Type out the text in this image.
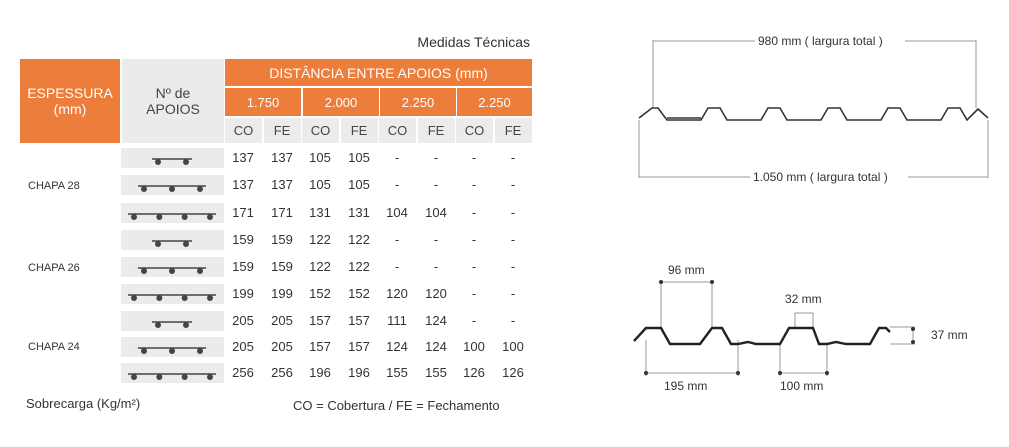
Medidas Técnicas
ESPESSURA
(mm)
Nº de
APOIOS
DISTÂNCIA ENTRE APOIOS (mm)
1.750	2.000	2.250	2.250
CO FE CO FE CO FE CO FE
137	137	105	105	-	-	-	-
137	137	105	105	-	-	-	-
171	171	131	131	104	104	-	-
159	159	122	122	-	-	-	-
159	159	122	122	-	-	-	-
199	199	152	152	120	120	-	-
205	205	157	157	111	124	-	-
205	205	157	157	124	124	100	100
256	256	196	196	155	155	126	126
CHAPA 28
CHAPA 26
CHAPA 24
980 mm ( largura total )
1.050 mm ( largura total )
96 mm
32 mm
37 mm
195 mm	100 mm
Sobrecarga (Kg/m²)	CO = Cobertura / FE = Fechamento
